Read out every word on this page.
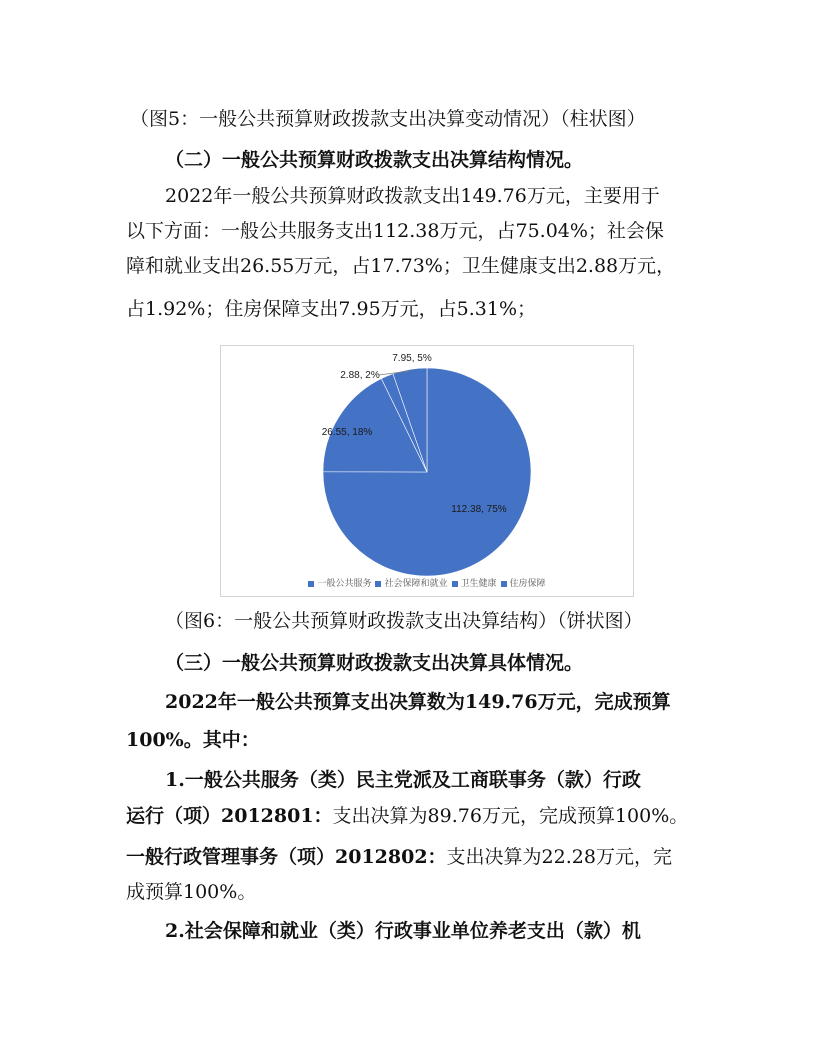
（图5：一般公共预算财政拨款支出决算变动情况）（柱状图）
（二）一般公共预算财政拨款支出决算结构情况。
2022年一般公共预算财政拨款支出149.76万元，主要用于
以下方面：一般公共服务支出112.38万元，占75.04%；社会保
障和就业支出26.55万元，占17.73%；卫生健康支出2.88万元，
占1.92%；住房保障支出7.95万元，占5.31%；
112.38, 75%
26.55, 18%
2.88, 2%
7.95, 5%
一般公共服务 社会保障和就业 卫生健康 住房保障
（图6：一般公共预算财政拨款支出决算结构）（饼状图）
（三）一般公共预算财政拨款支出决算具体情况。
2022年一般公共预算支出决算数为149.76万元，完成预算
100%。其中：
1.一般公共服务（类）民主党派及工商联事务（款）行政
运行（项）2012801：支出决算为89.76万元，完成预算100%。
一般行政管理事务（项）2012802：支出决算为22.28万元，完
成预算100%。
2.社会保障和就业（类）行政事业单位养老支出（款）机
